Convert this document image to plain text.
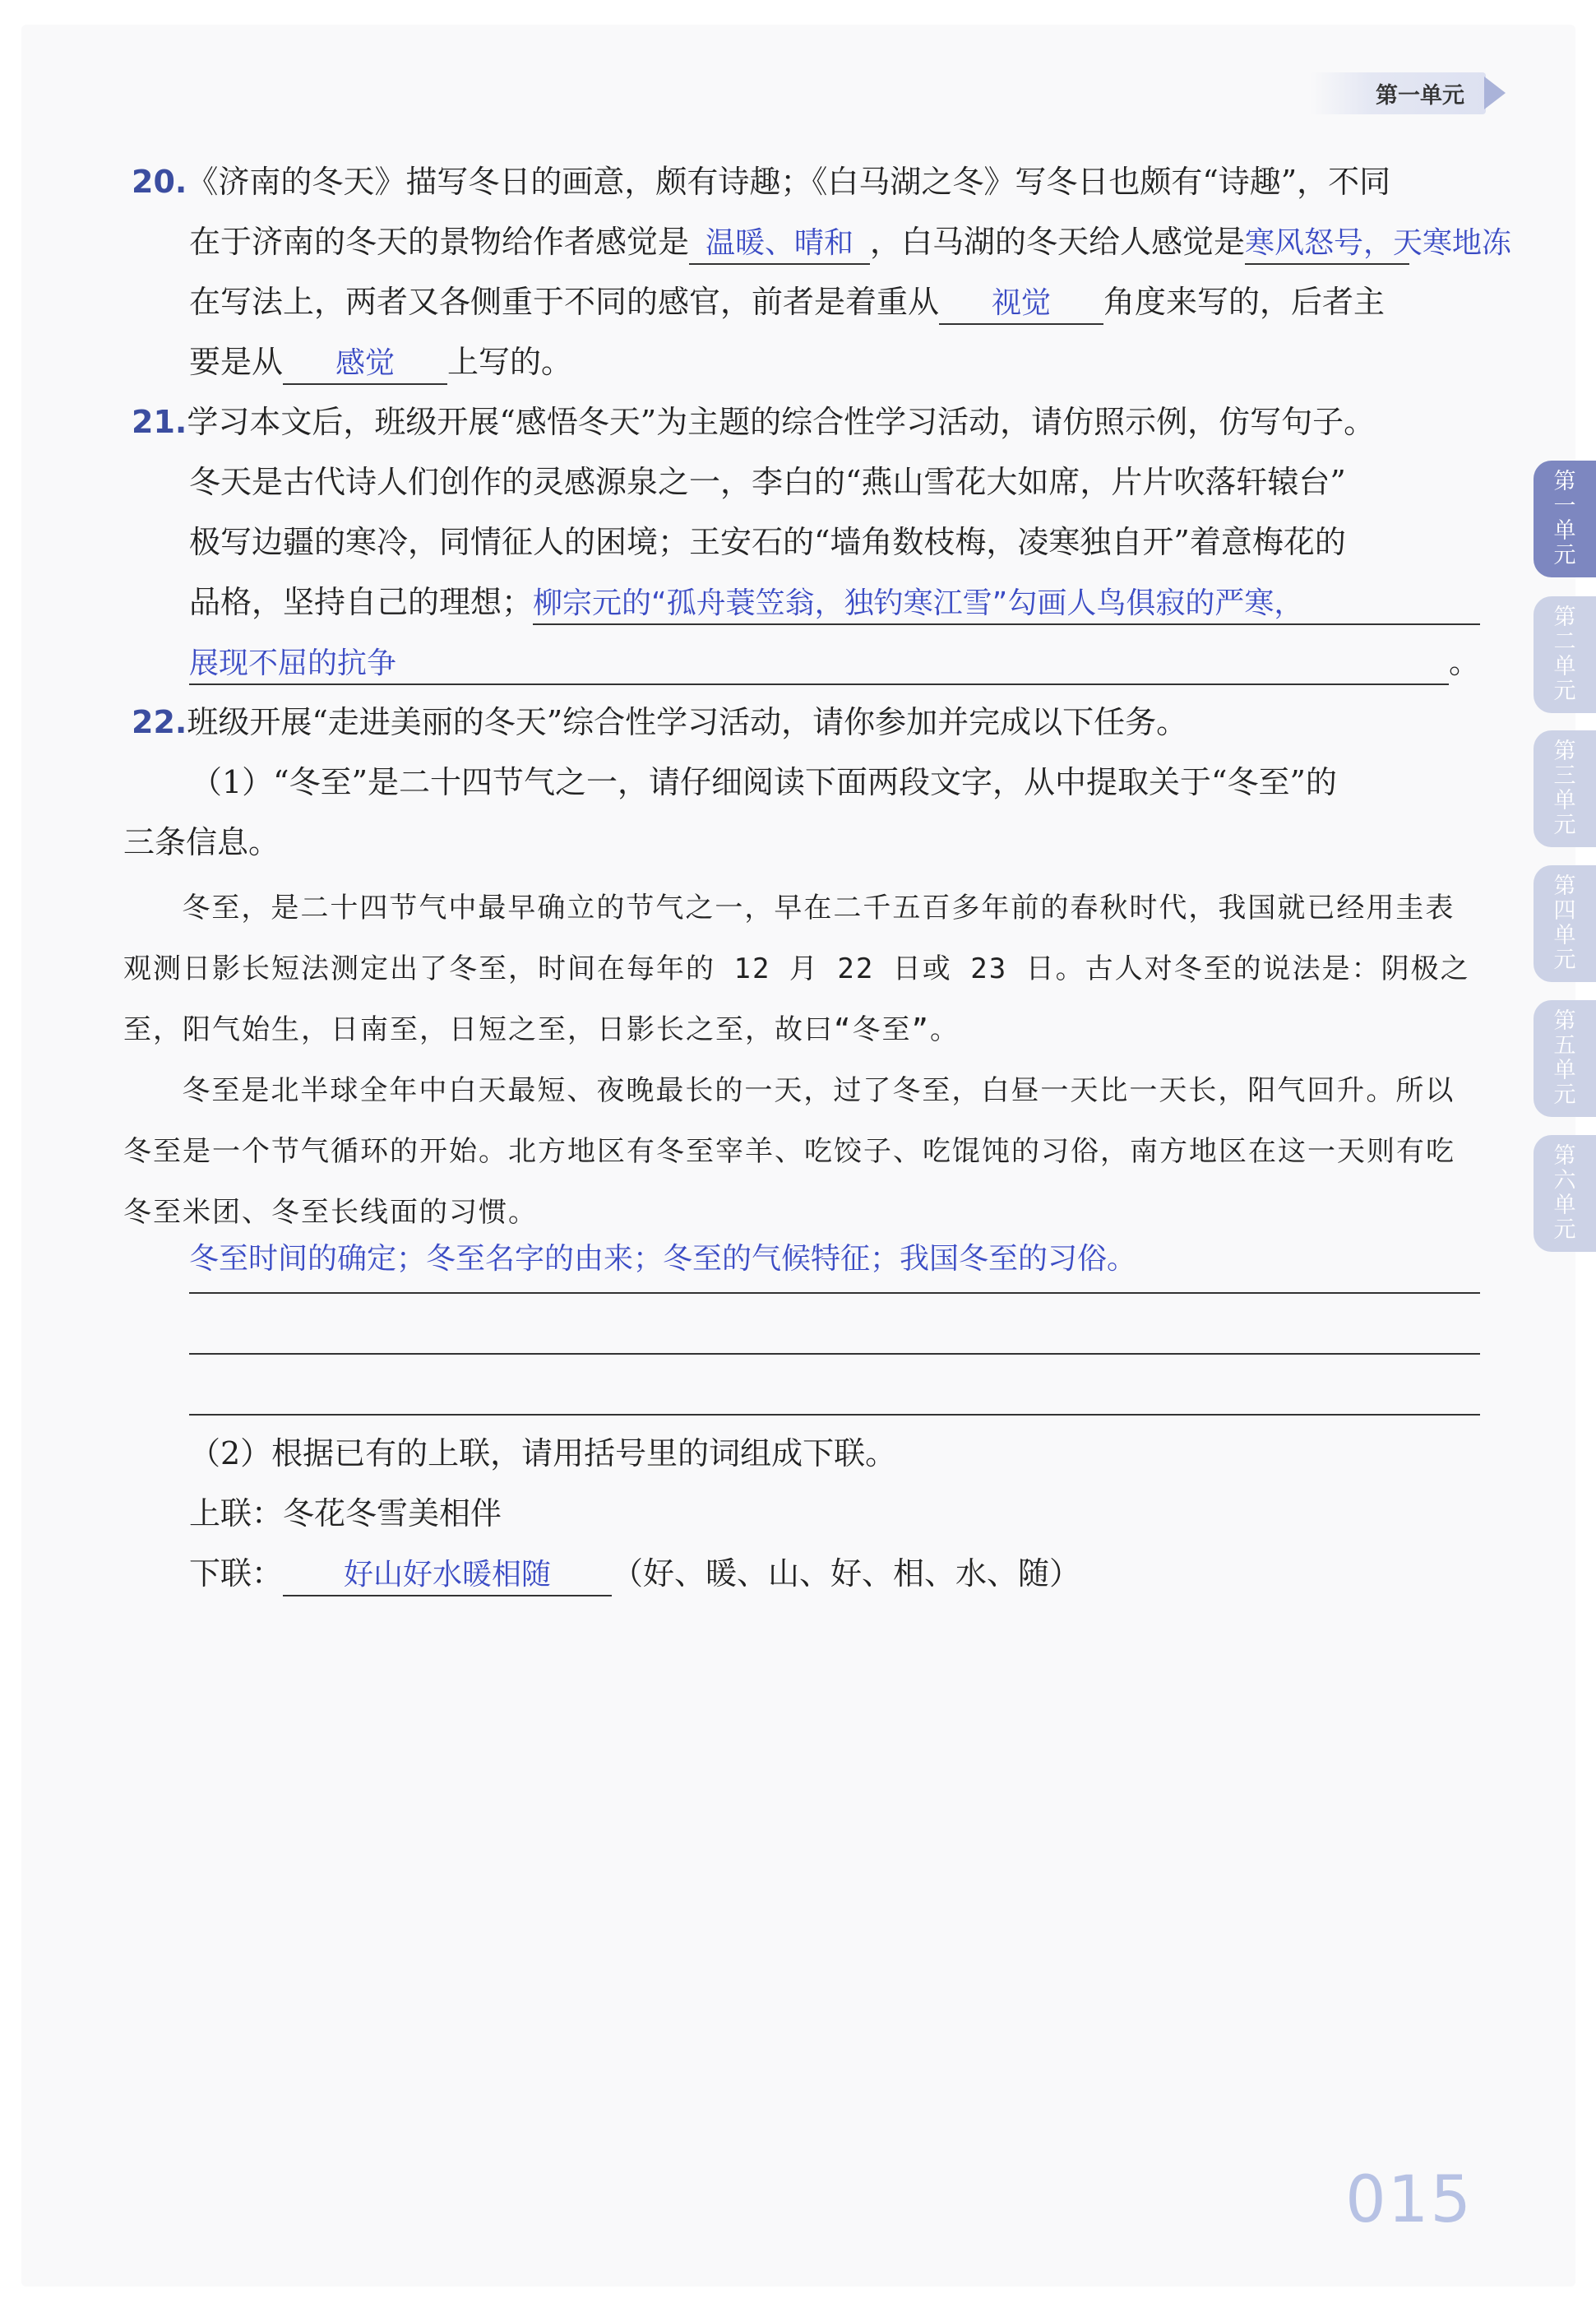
第一单元
第一单元
第二单元
第三单元
第四单元
第五单元
第六单元
20.《济南的冬天》描写冬日的画意，颇有诗趣；《白马湖之冬》写冬日也颇有“诗趣”，不同
在于济南的冬天的景物给作者感觉是 温暖、晴和 ，白马湖的冬天给人感觉是寒风怒号，天寒地冻
在写法上，两者又各侧重于不同的感官，前者是着重从 视觉 角度来写的，后者主
要是从 感觉 上写的。
21.学习本文后，班级开展“感悟冬天”为主题的综合性学习活动，请仿照示例，仿写句子。
冬天是古代诗人们创作的灵感源泉之一，李白的“燕山雪花大如席，片片吹落轩辕台”
极写边疆的寒冷，同情征人的困境；王安石的“墙角数枝梅，凌寒独自开”着意梅花的
品格，坚持自己的理想； 柳宗元的“孤舟蓑笠翁，独钓寒江雪”勾画人鸟俱寂的严寒，
展现不屈的抗争	。
22.班级开展“走进美丽的冬天”综合性学习活动，请你参加并完成以下任务。
（1）“冬至”是二十四节气之一，请仔细阅读下面两段文字，从中提取关于“冬至”的
三条信息。

冬至，是二十四节气中最早确立的节气之一，早在二千五百多年前的春秋时代，我国就已经用圭表观测日影长短法测定出了冬至，时间在每年的 12 月 22 日或 23 日。古人对冬至的说法是：阴极之至，阳气始生，日南至，日短之至，日影长之至，故曰“冬至”。

冬至是北半球全年中白天最短、夜晚最长的一天，过了冬至，白昼一天比一天长，阳气回升。所以冬至是一个节气循环的开始。北方地区有冬至宰羊、吃饺子、吃馄饨的习俗，南方地区在这一天则有吃冬至米团、冬至长线面的习惯。

冬至时间的确定；冬至名字的由来；冬至的气候特征；我国冬至的习俗。
（2）根据已有的上联，请用括号里的词组成下联。
上联：冬花冬雪美相伴
下联： 好山好水暖相随 （好、暖、山、好、相、水、随）
015
